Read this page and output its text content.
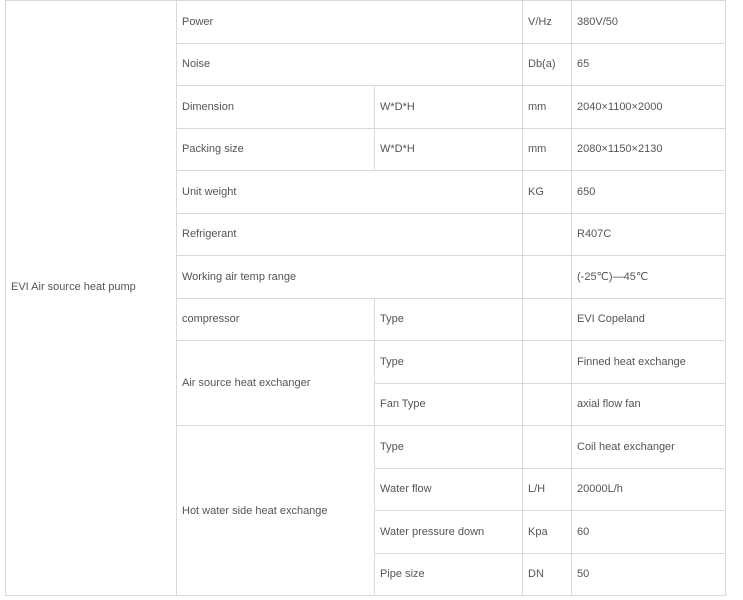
EVI Air source heat pump	Power		V/Hz	380V/50
	Noise		Db(a)	65
	Dimension	W*D*H	mm	2040×1100×2000
	Packing size	W*D*H	mm	2080×1150×2130
	Unit weight		KG	650
	Refrigerant			R407C
	Working air temp range			(-25℃)—45℃
	compressor	Type		EVI Copeland
	Air source heat exchanger	Type		Finned heat exchange
		Fan Type		axial flow fan
	Hot water side heat exchange	Type		Coil heat exchanger
		Water flow	L/H	20000L/h
		Water pressure down	Kpa	60
		Pipe size	DN	50
